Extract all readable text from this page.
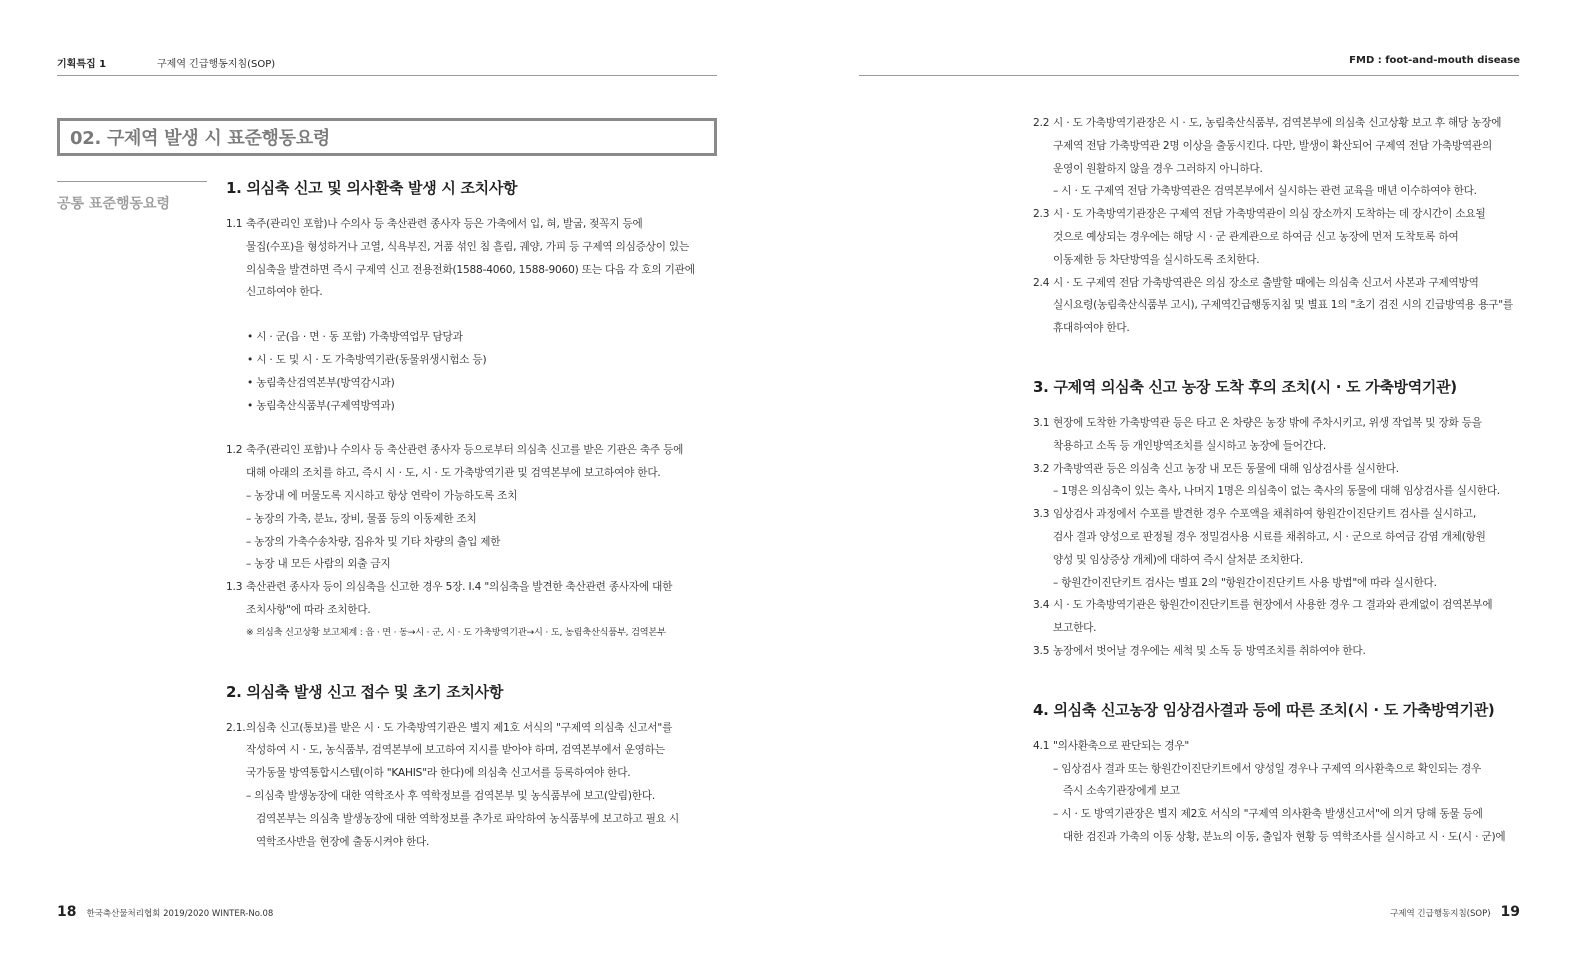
기획특집 1	구제역 긴급행동지침(SOP)
02. 구제역 발생 시 표준행동요령
공통 표준행동요령
1. 의심축 신고 및 의사환축 발생 시 조치사항
1.1 축주(관리인 포함)나 수의사 등 축산관련 종사자 등은 가축에서 입, 혀, 발굽, 젖꼭지 등에
물집(수포)을 형성하거나 고열, 식욕부진, 거품 섞인 침 흘림, 궤양, 가피 등 구제역 의심증상이 있는
의심축을 발견하면 즉시 구제역 신고 전용전화(1588-4060, 1588-9060) 또는 다음 각 호의 기관에
신고하여야 한다.
• 시 · 군(읍 · 면 · 동 포함) 가축방역업무 담당과
• 시 · 도 및 시 · 도 가축방역기관(동물위생시험소 등)
• 농림축산검역본부(방역감시과)
• 농림축산식품부(구제역방역과)
1.2 축주(관리인 포함)나 수의사 등 축산관련 종사자 등으로부터 의심축 신고를 받은 기관은 축주 등에
대해 아래의 조치를 하고, 즉시 시 · 도, 시 · 도 가축방역기관 및 검역본부에 보고하여야 한다.
– 농장내 에 머물도록 지시하고 항상 연락이 가능하도록 조치
– 농장의 가축, 분뇨, 장비, 물품 등의 이동제한 조치
– 농장의 가축수송차량, 집유차 및 기타 차량의 출입 제한
– 농장 내 모든 사람의 외출 금지
1.3 축산관련 종사자 등이 의심축을 신고한 경우 5장. Ⅰ.4 "의심축을 발견한 축산관련 종사자에 대한
조치사항"에 따라 조치한다.
※ 의심축 신고상황 보고체계 : 읍 · 면 · 동→시 · 군, 시 · 도 가축방역기관→시 · 도, 농림축산식품부, 검역본부
2. 의심축 발생 신고 접수 및 초기 조치사항
2.1. 의심축 신고(통보)를 받은 시 · 도 가축방역기관은 별지 제1호 서식의 "구제역 의심축 신고서"를
작성하여 시 · 도, 농식품부, 검역본부에 보고하여 지시를 받아야 하며, 검역본부에서 운영하는
국가동물 방역통합시스템(이하 "KAHIS"라 한다)에 의심축 신고서를 등록하여야 한다.
– 의심축 발생농장에 대한 역학조사 후 역학정보를 검역본부 및 농식품부에 보고(알림)한다.
검역본부는 의심축 발생농장에 대한 역학정보를 추가로 파악하여 농식품부에 보고하고 필요 시
역학조사반을 현장에 출동시켜야 한다.
18 한국축산물처리협회 2019/2020 WINTER-No.08
FMD : foot-and-mouth disease
2.2 시 · 도 가축방역기관장은 시 · 도, 농림축산식품부, 검역본부에 의심축 신고상황 보고 후 해당 농장에
구제역 전담 가축방역관 2명 이상을 출동시킨다. 다만, 발생이 확산되어 구제역 전담 가축방역관의
운영이 원활하지 않을 경우 그러하지 아니하다.
– 시 · 도 구제역 전담 가축방역관은 검역본부에서 실시하는 관련 교육을 매년 이수하여야 한다.
2.3 시 · 도 가축방역기관장은 구제역 전담 가축방역관이 의심 장소까지 도착하는 데 장시간이 소요될
것으로 예상되는 경우에는 해당 시 · 군 관계관으로 하여금 신고 농장에 먼저 도착토록 하여
이동제한 등 차단방역을 실시하도록 조치한다.
2.4 시 · 도 구제역 전담 가축방역관은 의심 장소로 출발할 때에는 의심축 신고서 사본과 구제역방역
실시요령(농림축산식품부 고시), 구제역긴급행동지침 및 별표 1의 "초기 검진 시의 긴급방역용 용구"를
휴대하여야 한다.
3. 구제역 의심축 신고 농장 도착 후의 조치(시 · 도 가축방역기관)
3.1 현장에 도착한 가축방역관 등은 타고 온 차량은 농장 밖에 주차시키고, 위생 작업복 및 장화 등을
착용하고 소독 등 개인방역조치를 실시하고 농장에 들어간다.
3.2 가축방역관 등은 의심축 신고 농장 내 모든 동물에 대해 임상검사를 실시한다.
– 1명은 의심축이 있는 축사, 나머지 1명은 의심축이 없는 축사의 동물에 대해 임상검사를 실시한다.
3.3 임상검사 과정에서 수포를 발견한 경우 수포액을 채취하여 항원간이진단키트 검사를 실시하고,
검사 결과 양성으로 판정될 경우 정밀검사용 시료를 채취하고, 시 · 군으로 하여금 감염 개체(항원
양성 및 임상증상 개체)에 대하여 즉시 살처분 조치한다.
– 항원간이진단키트 검사는 별표 2의 "항원간이진단키트 사용 방법"에 따라 실시한다.
3.4 시 · 도 가축방역기관은 항원간이진단키트를 현장에서 사용한 경우 그 결과와 관계없이 검역본부에
보고한다.
3.5 농장에서 벗어날 경우에는 세척 및 소독 등 방역조치를 취하여야 한다.
4. 의심축 신고농장 임상검사결과 등에 따른 조치(시 · 도 가축방역기관)
4.1 "의사환축으로 판단되는 경우"
– 임상검사 결과 또는 항원간이진단키트에서 양성일 경우나 구제역 의사환축으로 확인되는 경우
즉시 소속기관장에게 보고
– 시 · 도 방역기관장은 별지 제2호 서식의 "구제역 의사환축 발생신고서"에 의거 당해 동물 등에
대한 검진과 가축의 이동 상황, 분뇨의 이동, 출입자 현황 등 역학조사를 실시하고 시 · 도(시 · 군)에
구제역 긴급행동지침(SOP) 19
